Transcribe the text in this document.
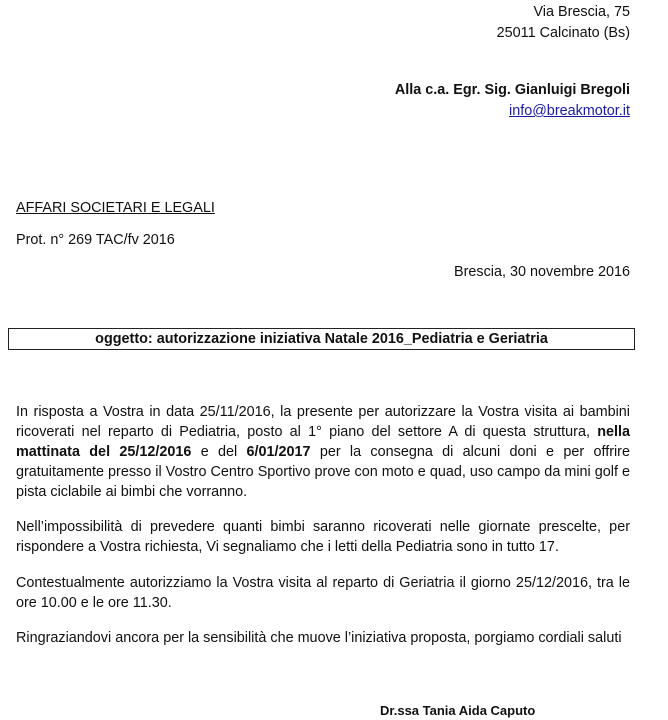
Via Brescia, 75
25011 Calcinato (Bs)
Alla c.a. Egr. Sig. Gianluigi Bregoli
info@breakmotor.it
AFFARI SOCIETARI E LEGALI
Prot. n° 269 TAC/fv 2016
Brescia, 30 novembre 2016
oggetto: autorizzazione iniziativa Natale 2016_Pediatria e Geriatria

In risposta a Vostra in data 25/11/2016, la presente per autorizzare la Vostra visita ai bambini ricoverati nel reparto di Pediatria, posto al 1° piano del settore A di questa struttura, nella mattinata del 25/12/2016 e del 6/01/2017 per la consegna di alcuni doni e per offrire gratuitamente presso il Vostro Centro Sportivo prove con moto e quad, uso campo da mini golf e pista ciclabile ai bimbi che vorranno.

Nell’impossibilità di prevedere quanti bimbi saranno ricoverati nelle giornate prescelte, per rispondere a Vostra richiesta, Vi segnaliamo che i letti della Pediatria sono in tutto 17.

Contestualmente autorizziamo la Vostra visita al reparto di Geriatria il giorno 25/12/2016, tra le ore 10.00 e le ore 11.30.

Ringraziandovi ancora per la sensibilità che muove l’iniziativa proposta, porgiamo cordiali saluti

Dr.ssa Tania Aida Caputo
